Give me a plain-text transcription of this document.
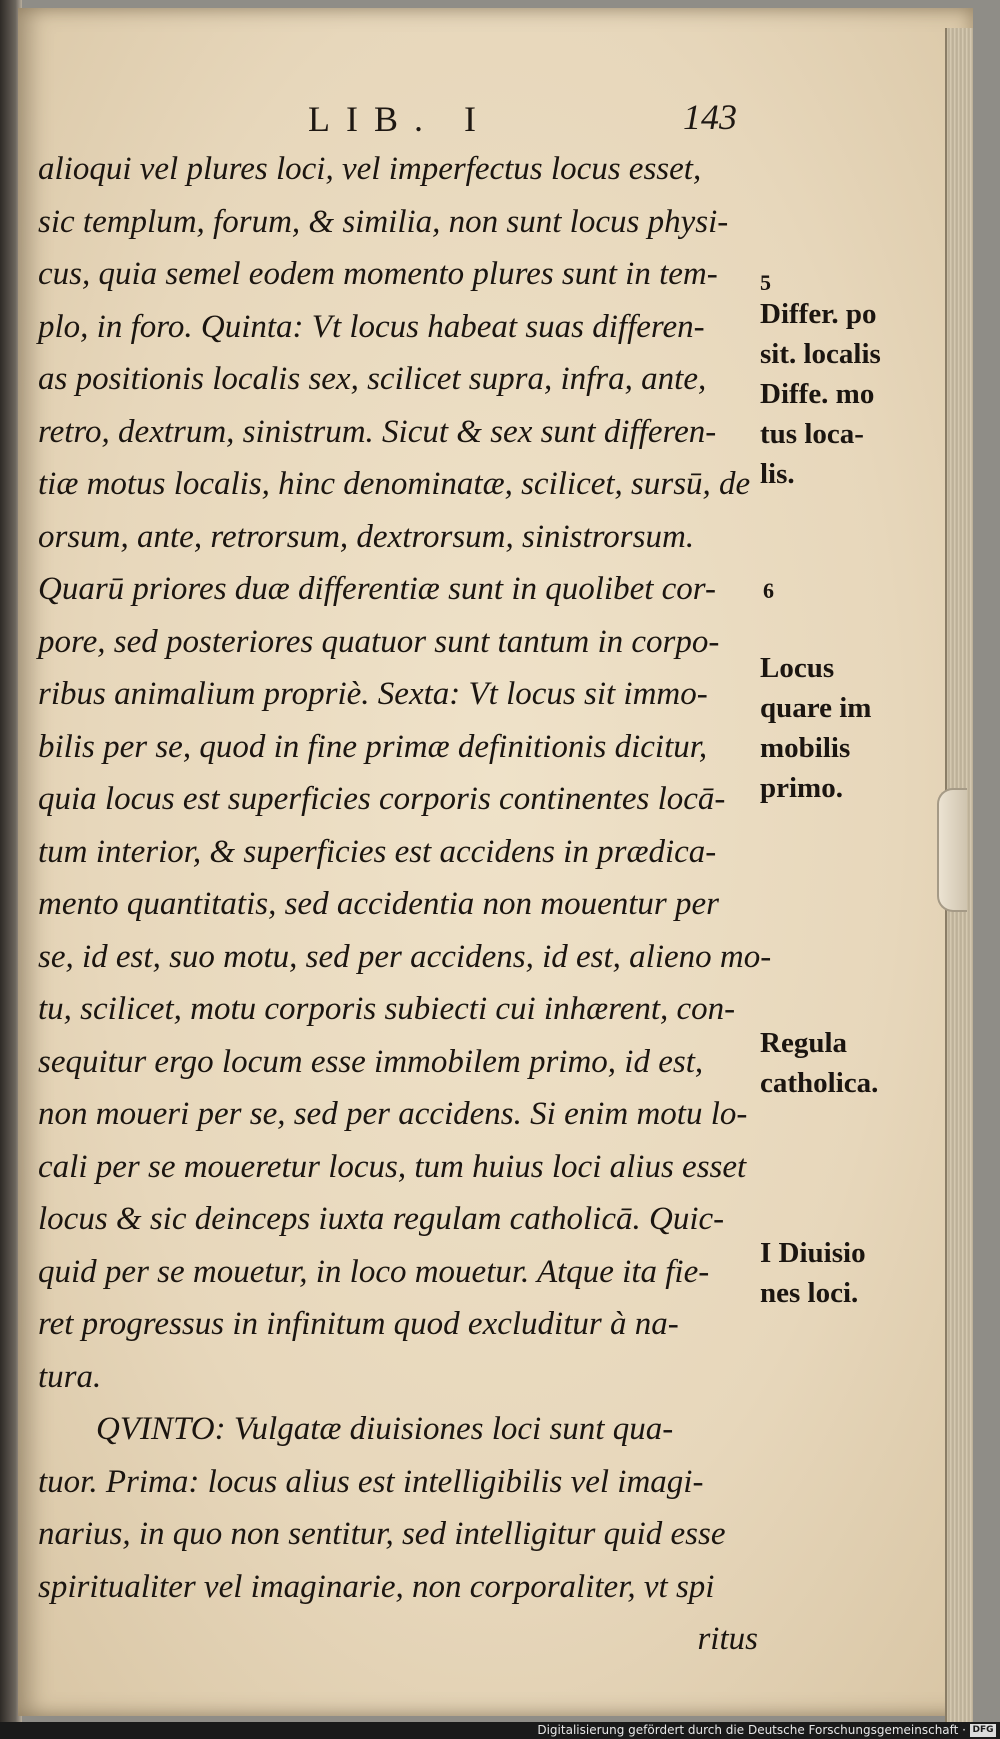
LIB. I	143
alioqui vel plures loci, vel imperfectus locus esset,
sic templum, forum, & similia, non sunt locus physi-
cus, quia semel eodem momento plures sunt in tem-
plo, in foro. Quinta: Vt locus habeat suas differen-
as positionis localis sex, scilicet supra, infra, ante,
retro, dextrum, sinistrum. Sicut & sex sunt differen-
tiæ motus localis, hinc denominatæ, scilicet, sursū, de
orsum, ante, retrorsum, dextrorsum, sinistrorsum.
Quarū priores duæ differentiæ sunt in quolibet cor-
pore, sed posteriores quatuor sunt tantum in corpo-
ribus animalium propriè. Sexta: Vt locus sit immo-
bilis per se, quod in fine primæ definitionis dicitur,
quia locus est superficies corporis continentes locā-
tum interior, & superficies est accidens in prædica-
mento quantitatis, sed accidentia non mouentur per
se, id est, suo motu, sed per accidens, id est, alieno mo-
tu, scilicet, motu corporis subiecti cui inhærent, con-
sequitur ergo locum esse immobilem primo, id est,
non moueri per se, sed per accidens. Si enim motu lo-
cali per se moueretur locus, tum huius loci alius esset
locus & sic deinceps iuxta regulam catholicā. Quic-
quid per se mouetur, in loco mouetur. Atque ita fie-
ret progressus in infinitum quod excluditur à na-
tura.
QVINTO: Vulgatæ diuisiones loci sunt qua-
tuor. Prima: locus alius est intelligibilis vel imagi-
narius, in quo non sentitur, sed intelligitur quid esse
spiritualiter vel imaginarie, non corporaliter, vt spi
ritus
5
Differ. po
sit. localis
Diffe. mo
tus loca-
lis.
6
Locus
quare im
mobilis
primo.
Regula
catholica.
I Diuisio
nes loci.
Digitalisierung gefördert durch die Deutsche Forschungsgemeinschaft · DFG
